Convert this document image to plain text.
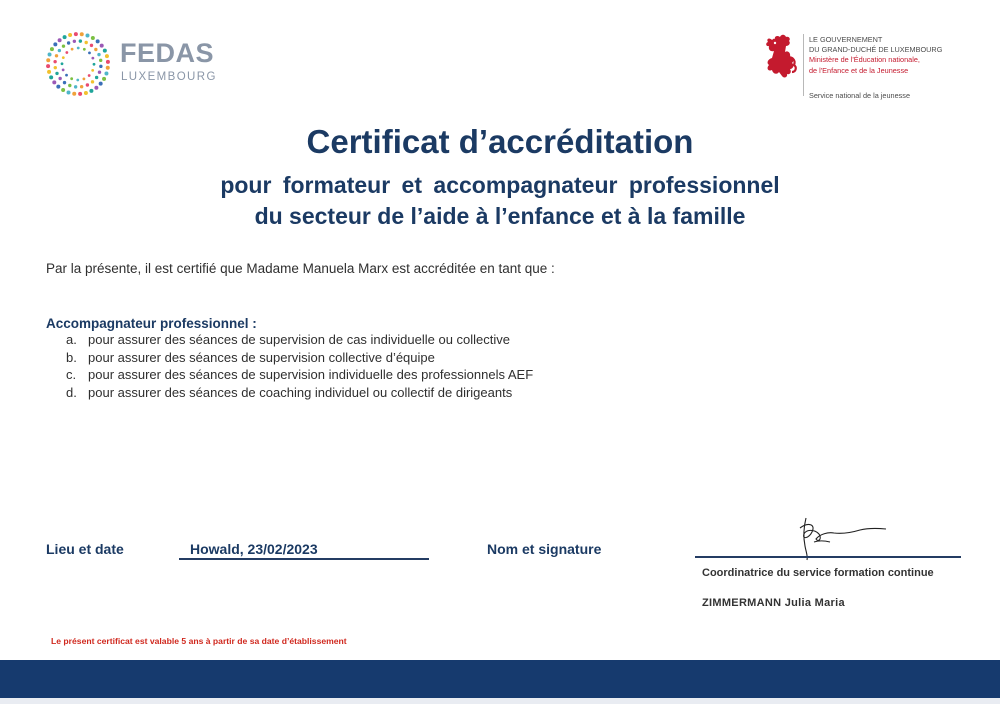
FEDAS
LUXEMBOURG
LE GOUVERNEMENT
DU GRAND-DUCHÉ DE LUXEMBOURG
Ministère de l'Éducation nationale,
de l'Enfance et de la Jeunesse
Service national de la jeunesse
Certificat d’accréditation
pour formateur et accompagnateur professionnel
du secteur de l’aide à l’enfance et à la famille
Par la présente, il est certifié que Madame Manuela Marx est accréditée en tant que :
Accompagnateur professionnel :
a. pour assurer des séances de supervision de cas individuelle ou collective
b. pour assurer des séances de supervision collective d’équipe
c. pour assurer des séances de supervision individuelle des professionnels AEF
d. pour assurer des séances de coaching individuel ou collectif de dirigeants
Lieu et date	Howald, 23/02/2023	Nom et signature
Coordinatrice du service formation continue
ZIMMERMANN Julia Maria
Le présent certificat est valable 5 ans à partir de sa date d’établissement
